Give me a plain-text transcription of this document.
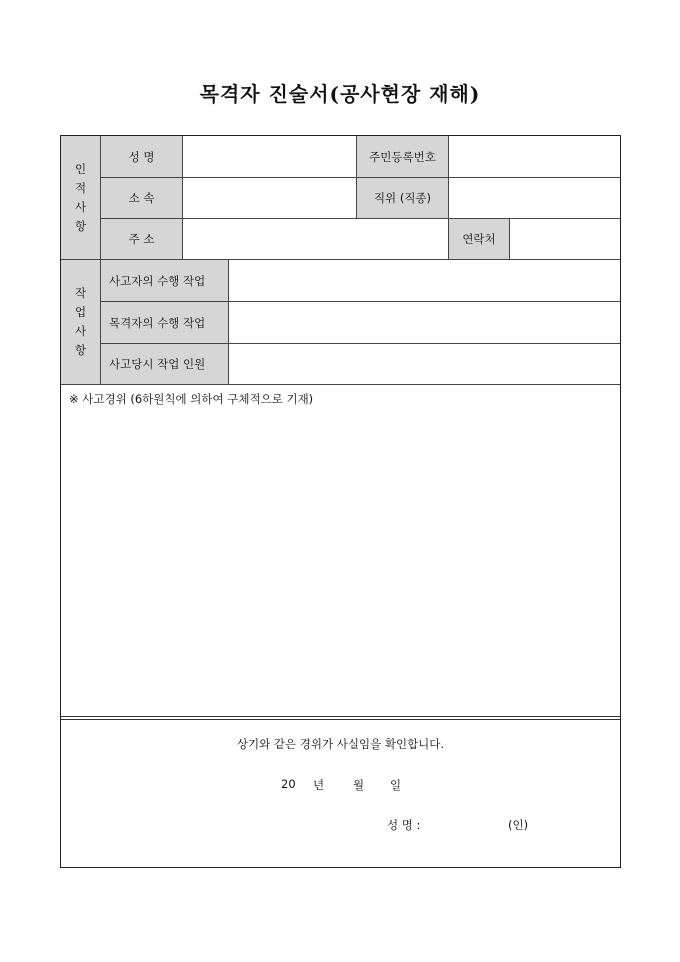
목격자 진술서(공사현장 재해)
인
적
사
항
성 명	주민등록번호
소 속	직위 (직종)
주 소	연락처
작
업
사
항
사고자의 수행 작업
목격자의 수행 작업
사고당시 작업 인원
※ 사고경위 (6하원칙에 의하여 구체적으로 기재)
상기와 같은 경위가 사실임을 확인합니다.
20 년	월 일
성 명 :	(인)
